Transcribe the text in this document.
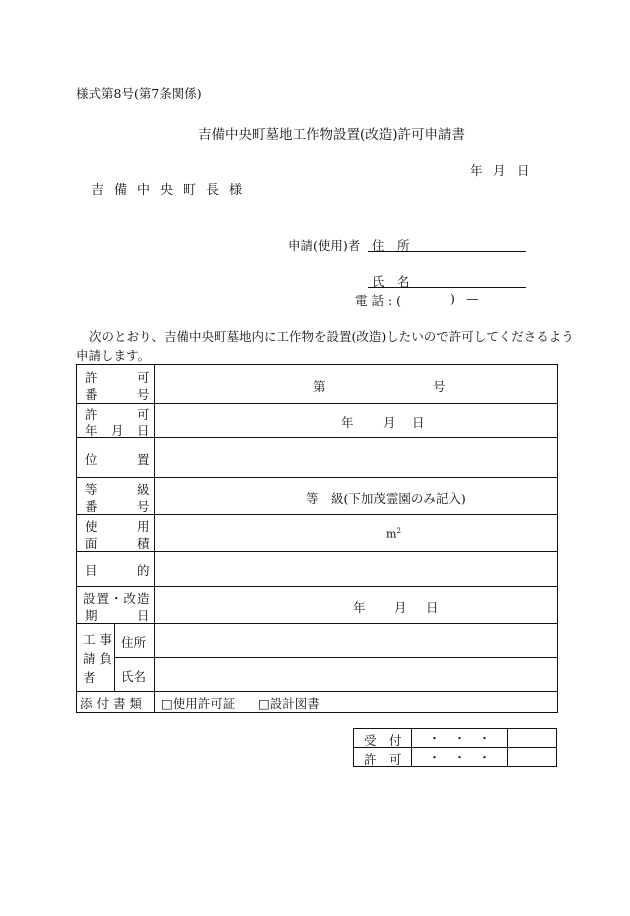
様式第8号(第7条関係)
吉備中央町墓地工作物設置(改造)許可申請書
年 月 日
吉 備 中 央 町 長 様
申請(使用)者 住　所
氏　名
電 話 : (	) —
次のとおり、吉備中央町墓地内に工作物を設置(改造)したいので許可してくださるよう
申請します。
許 可
番 号		第 号

許 可
年 月 日		年 月 日

位 置		

等 級
番 号		等　級(下加茂霊園のみ記入)

使 用
面 積		$m^2$

目 的		

設置・改造
期 日		年 月 日

工 事
請 負
者	住所	

	氏名	

添 付 書 類		□使用許可証 □設計図書
受　付	・　・　・	

許　可	・　・　・	
